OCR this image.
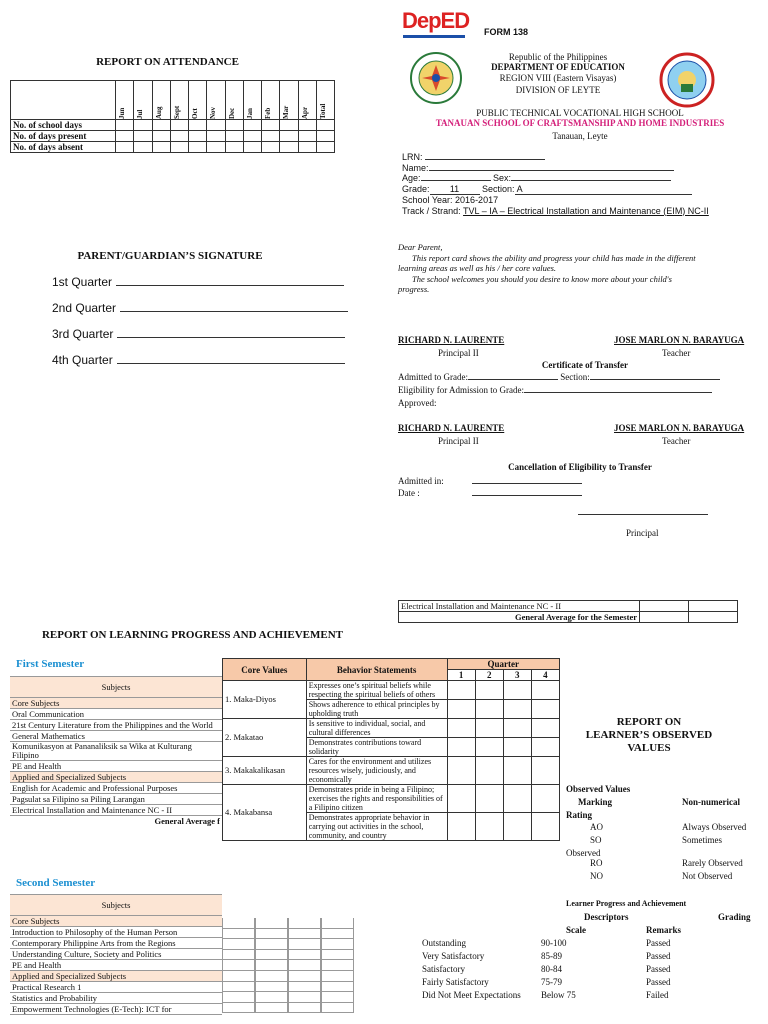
REPORT ON ATTENDANCE

	Jun	Jul	Aug	Sept	Oct	Nov	Dec	Jan	Feb	Mar	Apr	Total

No. of school days												
No. of days present												
No. of days absent												
PARENT/GUARDIAN’S SIGNATURE
1st Quarter
2nd Quarter
3rd Quarter
4th Quarter
REPORT ON LEARNING PROGRESS AND ACHIEVEMENT
First Semester
Subjects
Core Subjects
Oral Communication
21st Century Literature from the Philippines and the World
General Mathematics
Komunikasyon at Pananaliksik sa Wika at Kulturang Filipino
PE and Health
Applied and Specialized Subjects
English for Academic and Professional Purposes
Pagsulat sa Filipino sa Piling Larangan
Electrical Installation and Maintenance NC - II
General Average f
Second Semester
Subjects
Core Subjects
Introduction to Philosophy of the Human Person
Contemporary Philippine Arts from the Regions
Understanding Culture, Society and Politics
PE and Health
Applied and Specialized Subjects
Practical Research 1
Statistics and Probability
Empowerment Technologies (E-Tech): ICT for
Core Values	Behavior Statements	Quarter			
		1	2	3	4
1. Maka-Diyos	Expresses one’s spiritual beliefs while respecting the spiritual beliefs of others				
	Shows adherence to ethical principles by upholding truth				
2. Makatao	Is sensitive to individual, social, and cultural differences				
	Demonstrates contributions toward solidarity				
3. Makakalikasan	Cares for the environment and utilizes resources wisely, judiciously, and economically				
4. Makabansa	Demonstrates pride in being a Filipino; exercises the rights and responsibilities of a Filipino citizen				
	Demonstrates appropriate behavior in carrying out activities in the school, community, and country				
DepED FORM 138
Republic of the Philippines
DEPARTMENT OF EDUCATION
REGION VIII (Eastern Visayas)
DIVISION OF LEYTE
PUBLIC TECHNICAL VOCATIONAL HIGH SCHOOL
TANAUAN SCHOOL OF CRAFTSMANSHIP AND HOME INDUSTRIES
Tanauan, Leyte
LRN:
Name:
Age:	Sex:
Grade: 11	Section: A
School Year: 2016-2017
Track / Strand: TVL – IA – Electrical Installation and Maintenance (EIM) NC-II
Dear Parent,
This report card shows the ability and progress your child has made in the different learning areas as well as his / her core values.
The school welcomes you should you desire to know more about your child's progress.
RICHARD N. LAURENTE
Principal II
JOSE MARLON N. BARAYUGA
Teacher
Certificate of Transfer
Admitted to Grade:	Section:
Eligibility for Admission to Grade:
Approved:
RICHARD N. LAURENTE
Principal II
JOSE MARLON N. BARAYUGA
Teacher
Cancellation of Eligibility to Transfer
Admitted in:
Date :
Principal
Electrical Installation and Maintenance NC - II		
General Average for the Semester		
REPORT ON LEARNER’S OBSERVED VALUES
Observed Values
Marking	Non-numerical
Rating
AO	Always Observed
SO	Sometimes
RO	Rarely Observed
NO	Not Observed
Observed
Learner Progress and Achievement
Descriptors	Grading
Scale	Remarks
Outstanding	90-100	Passed
Very Satisfactory	85-89	Passed
Satisfactory	80-84	Passed
Fairly Satisfactory	75-79	Passed
Did Not Meet Expectations Below 75	Failed
